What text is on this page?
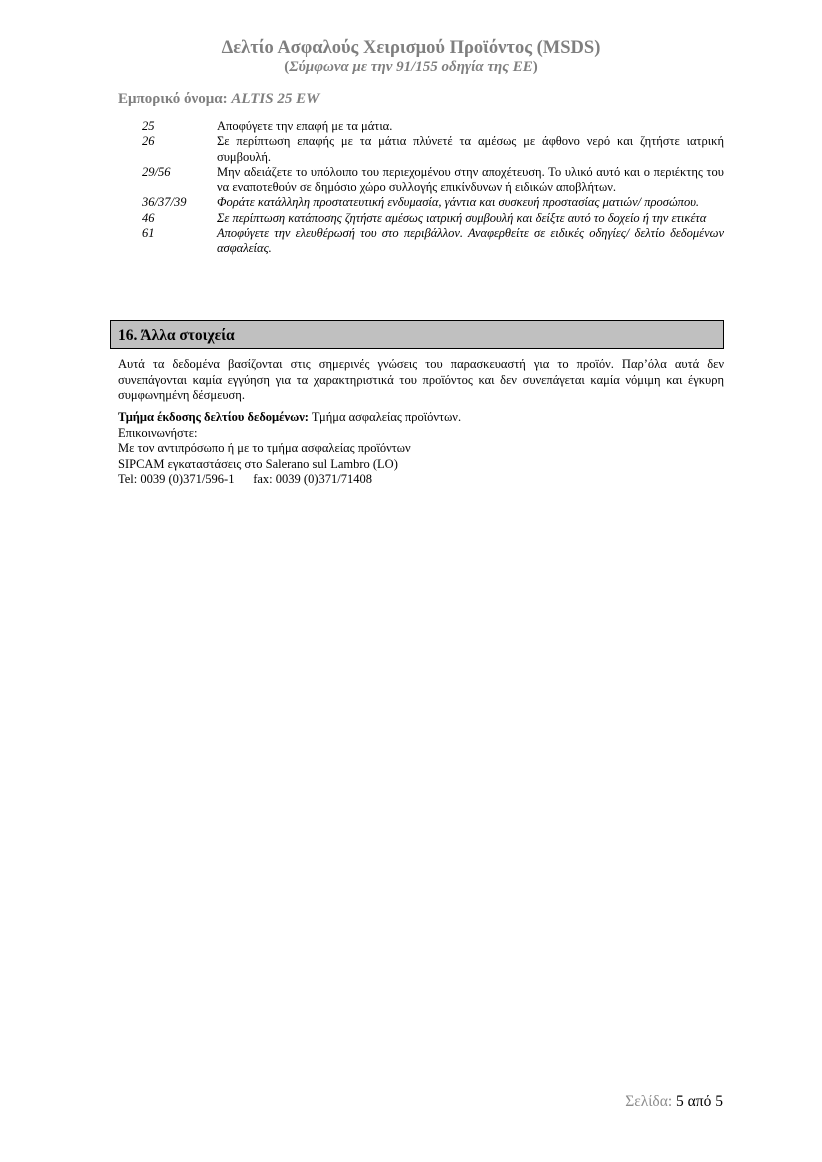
Δελτίο Ασφαλούς Χειρισμού Προϊόντος (MSDS)
(Σύμφωνα με την 91/155 οδηγία της ΕΕ)
Εμπορικό όνομα: ALTIS 25 EW
25	Αποφύγετε την επαφή με τα μάτια.
26	Σε περίπτωση επαφής με τα μάτια πλύνετέ τα αμέσως με άφθονο νερό και ζητήστε ιατρική συμβουλή.
29/56	Μην αδειάζετε το υπόλοιπο του περιεχομένου στην αποχέτευση. Το υλικό αυτό και ο περιέκτης του να εναποτεθούν σε δημόσιο χώρο συλλογής επικίνδυνων ή ειδικών αποβλήτων.
36/37/39	Φοράτε κατάλληλη προστατευτική ενδυμασία, γάντια και συσκευή προστασίας ματιών/ προσώπου.
46	Σε περίπτωση κατάποσης ζητήστε αμέσως ιατρική συμβουλή και δείξτε αυτό το δοχείο ή την ετικέτα
61	Αποφύγετε την ελευθέρωσή του στο περιβάλλον. Αναφερθείτε σε ειδικές οδηγίες/ δελτίο δεδομένων ασφαλείας.
16. Άλλα στοιχεία
Αυτά τα δεδομένα βασίζονται στις σημερινές γνώσεις του παρασκευαστή για το προϊόν. Παρ’όλα αυτά δεν συνεπάγονται καμία εγγύηση για τα χαρακτηριστικά του προϊόντος και δεν συνεπάγεται καμία νόμιμη και έγκυρη συμφωνημένη δέσμευση.
Τμήμα έκδοσης δελτίου δεδομένων: Τμήμα ασφαλείας προϊόντων.
Επικοινωνήστε:
Με τον αντιπρόσωπο ή με το τμήμα ασφαλείας προϊόντων
SIPCAM εγκαταστάσεις στο Salerano sul Lambro (LO)
Tel: 0039 (0)371/596-1      fax: 0039 (0)371/71408
Σελίδα: 5 από 5
